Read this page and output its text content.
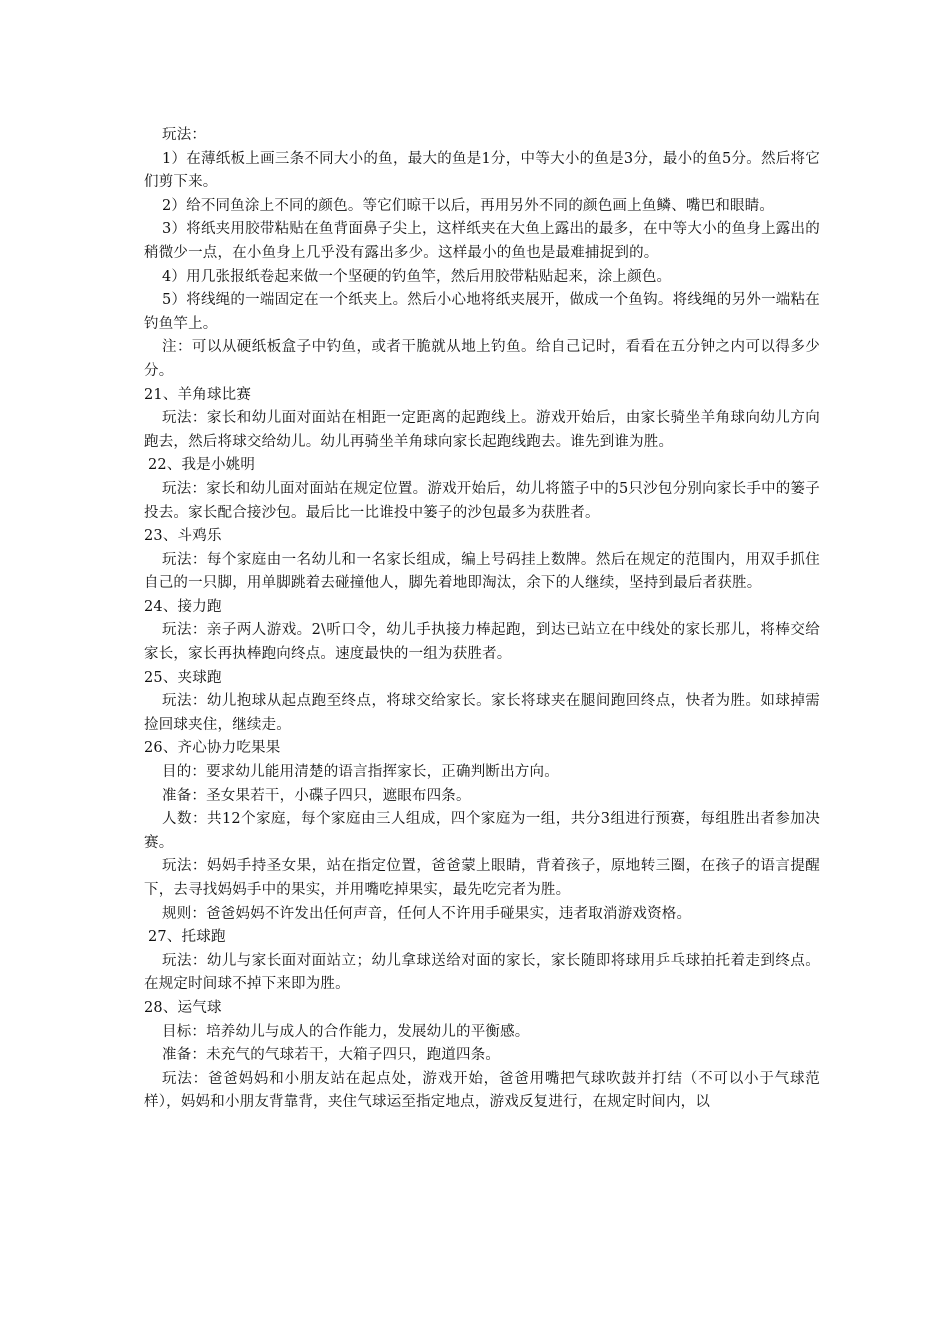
玩法：

1）在薄纸板上画三条不同大小的鱼，最大的鱼是1分，中等大小的鱼是3分，最小的鱼5分。然后将它们剪下来。

2）给不同鱼涂上不同的颜色。等它们晾干以后，再用另外不同的颜色画上鱼鳞、嘴巴和眼睛。

3）将纸夹用胶带粘贴在鱼背面鼻子尖上，这样纸夹在大鱼上露出的最多，在中等大小的鱼身上露出的稍微少一点，在小鱼身上几乎没有露出多少。这样最小的鱼也是最难捕捉到的。

4）用几张报纸卷起来做一个坚硬的钓鱼竿，然后用胶带粘贴起来，涂上颜色。

5）将线绳的一端固定在一个纸夹上。然后小心地将纸夹展开，做成一个鱼钩。将线绳的另外一端粘在钓鱼竿上。

注：可以从硬纸板盒子中钓鱼，或者干脆就从地上钓鱼。给自己记时，看看在五分钟之内可以得多少分。

21、羊角球比赛

玩法：家长和幼儿面对面站在相距一定距离的起跑线上。游戏开始后，由家长骑坐羊角球向幼儿方向跑去，然后将球交给幼儿。幼儿再骑坐羊角球向家长起跑线跑去。谁先到谁为胜。

22、我是小姚明

玩法：家长和幼儿面对面站在规定位置。游戏开始后，幼儿将篮子中的5只沙包分别向家长手中的篓子投去。家长配合接沙包。最后比一比谁投中篓子的沙包最多为获胜者。

23、斗鸡乐

玩法：每个家庭由一名幼儿和一名家长组成，编上号码挂上数牌。然后在规定的范围内，用双手抓住自己的一只脚，用单脚跳着去碰撞他人，脚先着地即淘汰，余下的人继续，坚持到最后者获胜。

24、接力跑

玩法：亲子两人游戏。2\听口令，幼儿手执接力棒起跑，到达已站立在中线处的家长那儿，将棒交给家长，家长再执棒跑向终点。速度最快的一组为获胜者。

25、夹球跑

玩法：幼儿抱球从起点跑至终点，将球交给家长。家长将球夹在腿间跑回终点，快者为胜。如球掉需捡回球夹住，继续走。

26、齐心协力吃果果

目的：要求幼儿能用清楚的语言指挥家长，正确判断出方向。

准备：圣女果若干，小碟子四只，遮眼布四条。

人数：共12个家庭，每个家庭由三人组成，四个家庭为一组，共分3组进行预赛，每组胜出者参加决赛。

玩法：妈妈手持圣女果，站在指定位置，爸爸蒙上眼睛，背着孩子，原地转三圈，在孩子的语言提醒下，去寻找妈妈手中的果实，并用嘴吃掉果实，最先吃完者为胜。

规则：爸爸妈妈不许发出任何声音，任何人不许用手碰果实，违者取消游戏资格。

27、托球跑

玩法：幼儿与家长面对面站立；幼儿拿球送给对面的家长，家长随即将球用乒乓球拍托着走到终点。在规定时间球不掉下来即为胜。

28、运气球

目标：培养幼儿与成人的合作能力，发展幼儿的平衡感。

准备：未充气的气球若干，大箱子四只，跑道四条。

玩法：爸爸妈妈和小朋友站在起点处，游戏开始，爸爸用嘴把气球吹鼓并打结（不可以小于气球范样），妈妈和小朋友背靠背，夹住气球运至指定地点，游戏反复进行，在规定时间内，以
